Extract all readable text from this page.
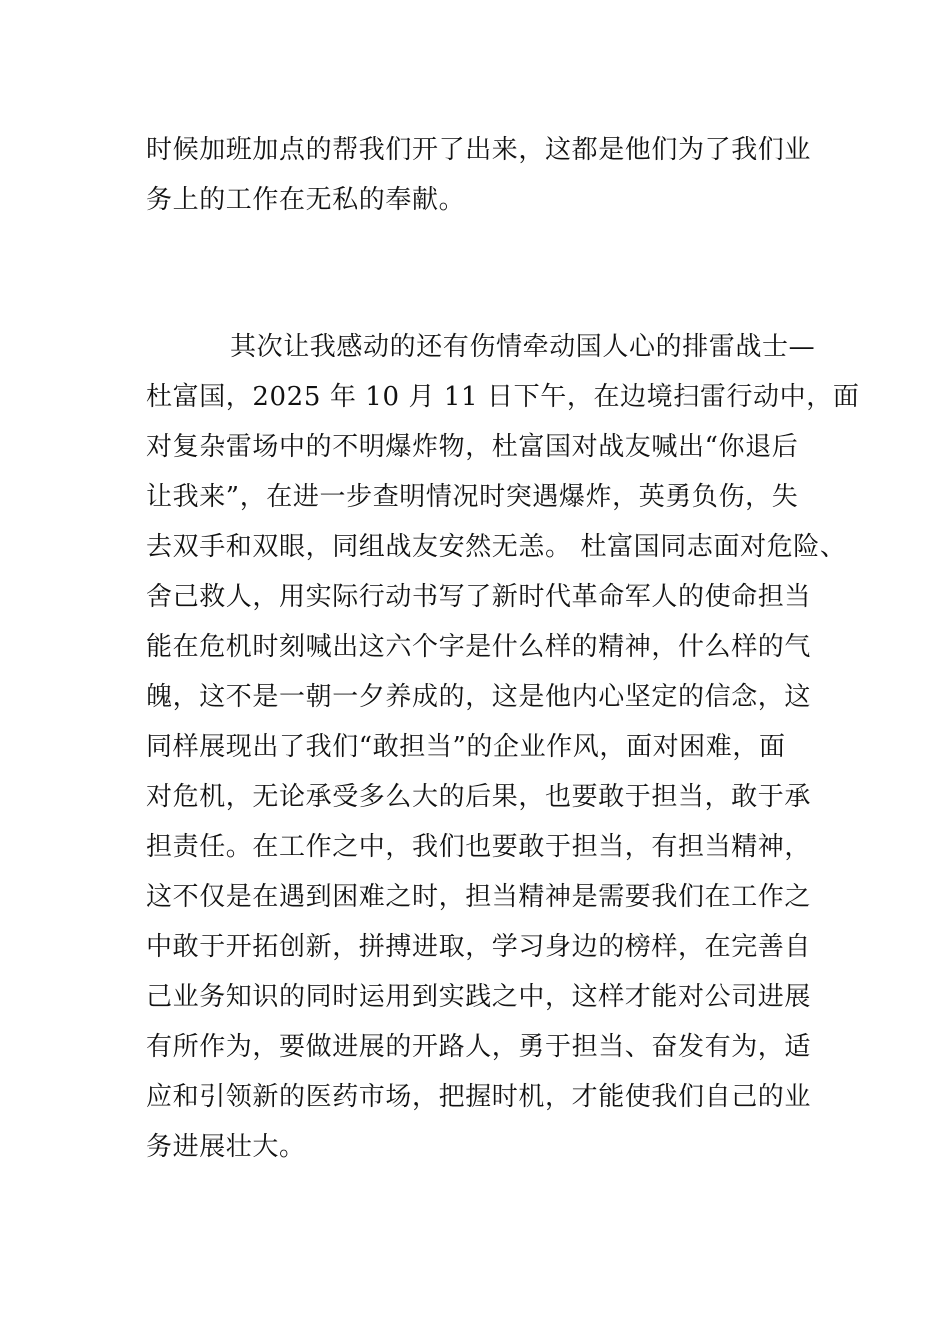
时候加班加点的帮我们开了出来，这都是他们为了我们业
务上的工作在无私的奉献。
其次让我感动的还有伤情牵动国人心的排雷战士—
杜富国，2025 年 10 月 11 日下午，在边境扫雷行动中，面
对复杂雷场中的不明爆炸物，杜富国对战友喊出“你退后
让我来”，在进一步查明情况时突遇爆炸，英勇负伤，失
去双手和双眼，同组战友安然无恙。 杜富国同志面对危险、
舍己救人，用实际行动书写了新时代革命军人的使命担当
能在危机时刻喊出这六个字是什么样的精神，什么样的气
魄，这不是一朝一夕养成的，这是他内心坚定的信念，这
同样展现出了我们“敢担当”的企业作风，面对困难，面
对危机，无论承受多么大的后果，也要敢于担当，敢于承
担责任。在工作之中，我们也要敢于担当，有担当精神，
这不仅是在遇到困难之时，担当精神是需要我们在工作之
中敢于开拓创新，拼搏进取，学习身边的榜样，在完善自
己业务知识的同时运用到实践之中，这样才能对公司进展
有所作为，要做进展的开路人，勇于担当、奋发有为，适
应和引领新的医药市场，把握时机，才能使我们自己的业
务进展壮大。
